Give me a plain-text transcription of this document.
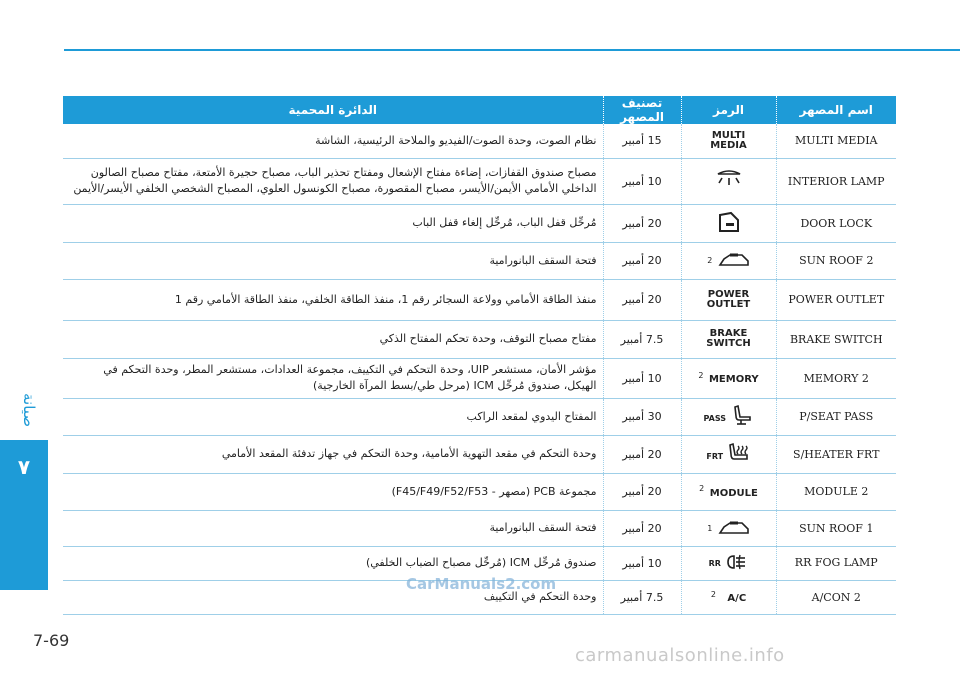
صيانة
٧
الدائرة المحمية	تصنيف المصهر	الرمز	اسم المصهر
نظام الصوت، وحدة الصوت/الفيديو والملاحة الرئيسية، الشاشة	15 أمبير	MULTI MEDIA	MULTI MEDIA
مصباح صندوق القفازات، إضاءة مفتاح الإشعال ومفتاح تحذير الباب، مصباح حجيرة الأمتعة، مفتاح مصباح الصالون الداخلي الأمامي الأيمن/الأيسر، مصباح المقصورة، مصباح الكونسول العلوي، المصباح الشخصي الخلفي الأيسر/الأيمن	10 أمبير		INTERIOR LAMP
مُرحِّل قفل الباب، مُرحِّل إلغاء قفل الباب	20 أمبير		DOOR LOCK
فتحة السقف البانورامية	20 أمبير	$^2$	SUN ROOF 2
منفذ الطاقة الأمامي وولاعة السجائر رقم 1، منفذ الطاقة الخلفي، منفذ الطاقة الأمامي رقم 1	20 أمبير	POWER OUTLET	POWER OUTLET
مفتاح مصباح التوقف، وحدة تحكم المفتاح الذكي	7.5 أمبير	BRAKE SWITCH	BRAKE SWITCH
مؤشر الأمان، مستشعر UIP، وحدة التحكم في التكييف، مجموعة العدادات، مستشعر المطر، وحدة التحكم في الهيكل، صندوق مُرحِّل ICM (مرحل طي/بسط المرآة الخارجية)	10 أمبير	$^2$ MEMORY	MEMORY 2
المفتاح اليدوي لمقعد الراكب	30 أمبير	$^{PASS}$	P/SEAT PASS
وحدة التحكم في مقعد التهوية الأمامية، وحدة التحكم في جهاز تدفئة المقعد الأمامي	20 أمبير	$^{FRT}$	S/HEATER FRT
مجموعة PCB (مصهر - F45/F49/F52/F53)	20 أمبير	$^2$ MODULE	MODULE 2
فتحة السقف البانورامية	20 أمبير	$^1$	SUN ROOF 1
صندوق مُرحِّل ICM (مُرحِّل مصباح الضباب الخلفي)	10 أمبير	$^{RR}$	RR FOG LAMP
وحدة التحكم في التكييف	7.5 أمبير	$^2$ A/C	A/CON 2
CarManuals2.com
7-69
carmanualsonline.info
